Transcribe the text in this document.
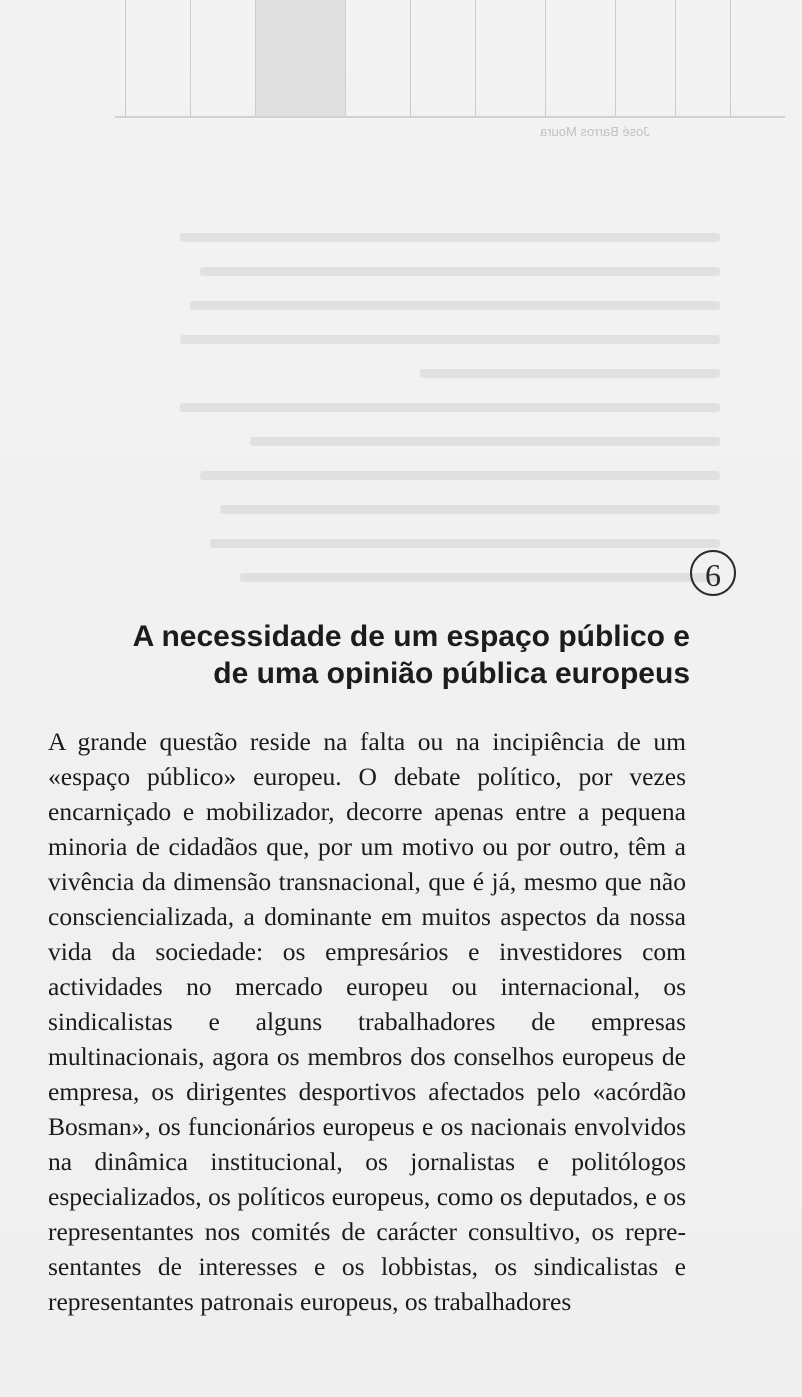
José Barros Moura
6
A necessidade de um espaço público e
de uma opinião pública europeus

A grande questão reside na falta ou na incipiência de um «espaço público» europeu. O debate político, por vezes encarniçado e mobilizador, decorre apenas entre a pequena minoria de cidadãos que, por um motivo ou por outro, têm a vivência da dimensão transnacional, que é já, mesmo que não consciencializada, a dominante em muitos aspectos da nossa vida da sociedade: os empresários e investidores com actividades no mercado europeu ou internacional, os sindicalistas e alguns trabalhadores de empresas multinacionais, agora os membros dos conselhos europeus de empresa, os dirigentes desportivos afectados pelo «acórdão Bosman», os funcionários europeus e os nacionais envolvidos na dinâmica institucional, os jornalistas e politólogos especializados, os políticos europeus, como os deputados, e os representantes nos comités de carácter consultivo, os representantes de interesses e os lobbistas, os sindicalistas e representantes patronais europeus, os trabalhadores
